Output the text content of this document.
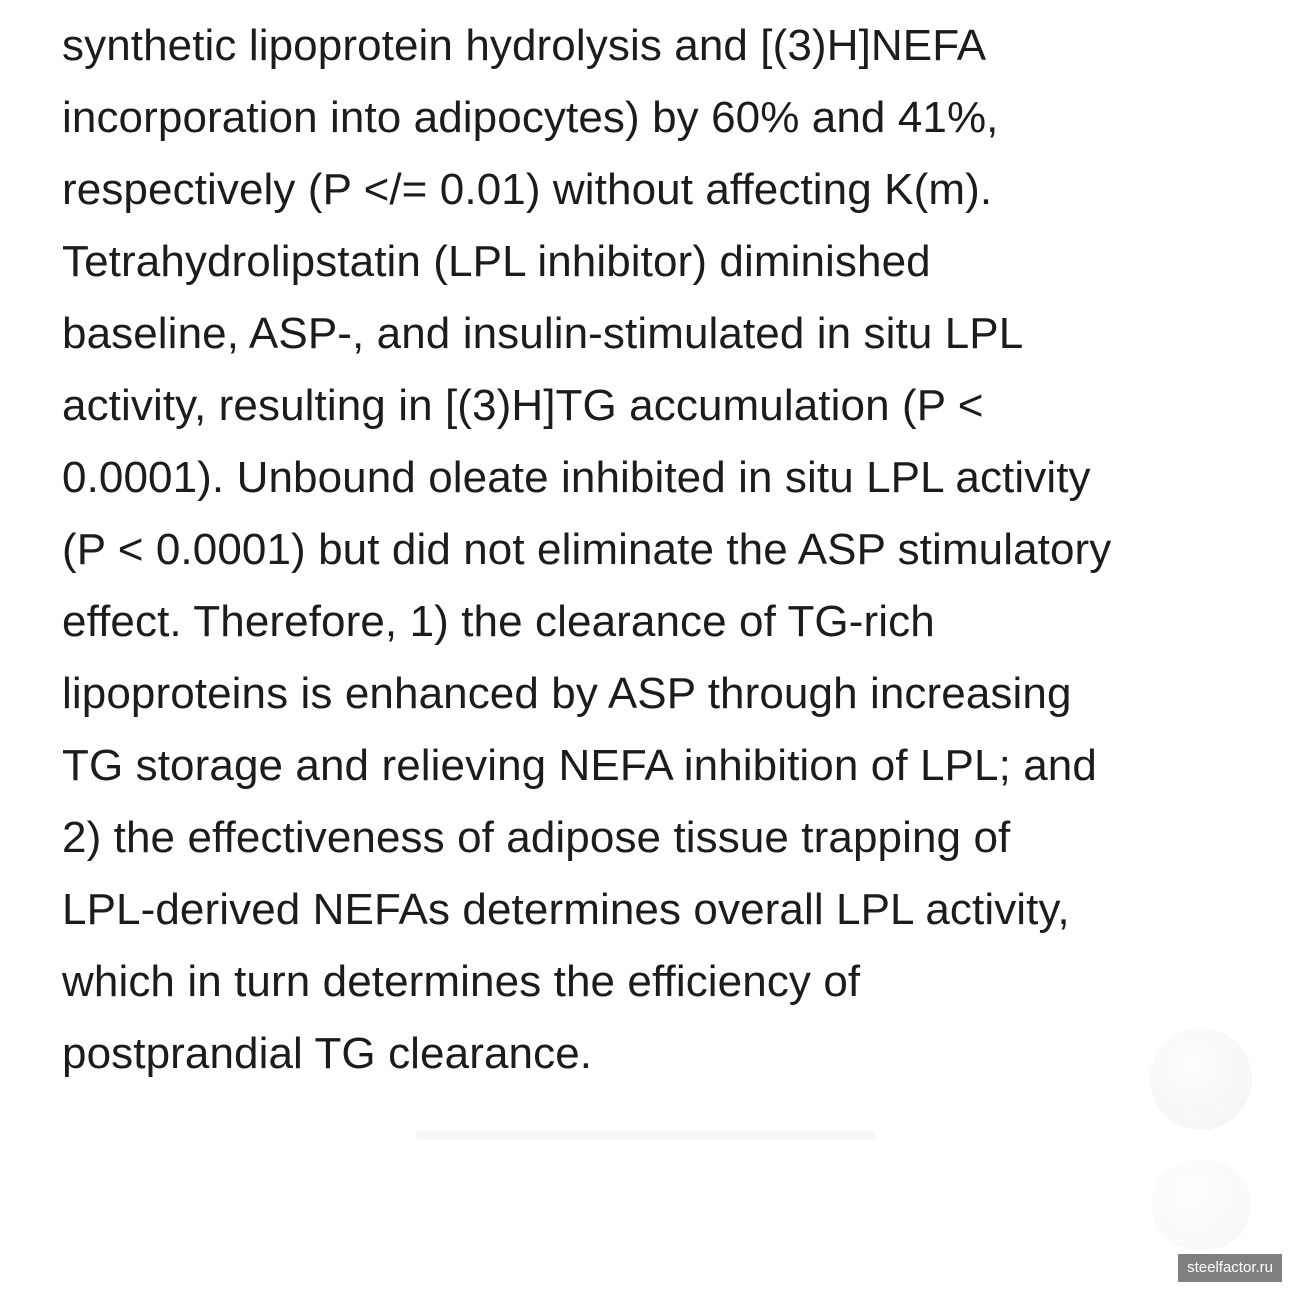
synthetic lipoprotein hydrolysis and [(3)H]NEFA
incorporation into adipocytes) by 60% and 41%,
respectively (P </= 0.01) without affecting K(m).
Tetrahydrolipstatin (LPL inhibitor) diminished
baseline, ASP-, and insulin-stimulated in situ LPL
activity, resulting in [(3)H]TG accumulation (P <
0.0001). Unbound oleate inhibited in situ LPL activity
(P < 0.0001) but did not eliminate the ASP stimulatory
effect. Therefore, 1) the clearance of TG-rich
lipoproteins is enhanced by ASP through increasing
TG storage and relieving NEFA inhibition of LPL; and
2) the effectiveness of adipose tissue trapping of
LPL-derived NEFAs determines overall LPL activity,
which in turn determines the efficiency of
postprandial TG clearance.
steelfactor.ru
